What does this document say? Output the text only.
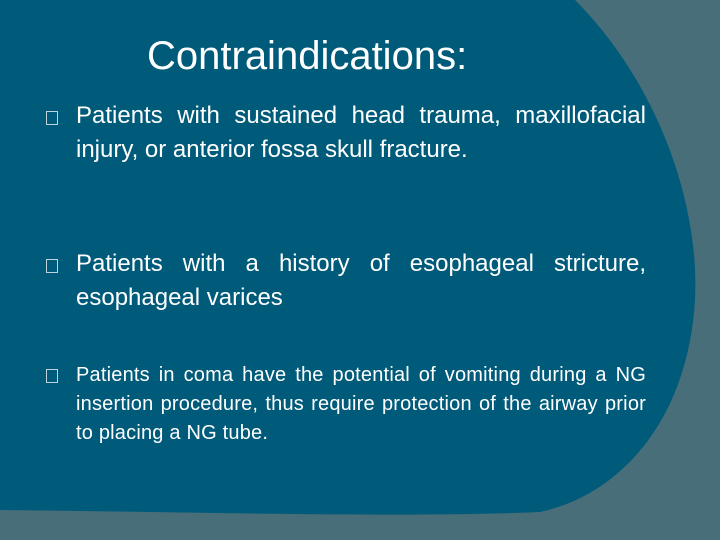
Contraindications:
Patients with sustained head trauma, maxillofacial injury, or anterior fossa skull fracture.
Patients with a history of esophageal stricture, esophageal varices
Patients in coma have the potential of vomiting during a NG insertion procedure, thus require protection of the airway prior to placing a NG tube.
